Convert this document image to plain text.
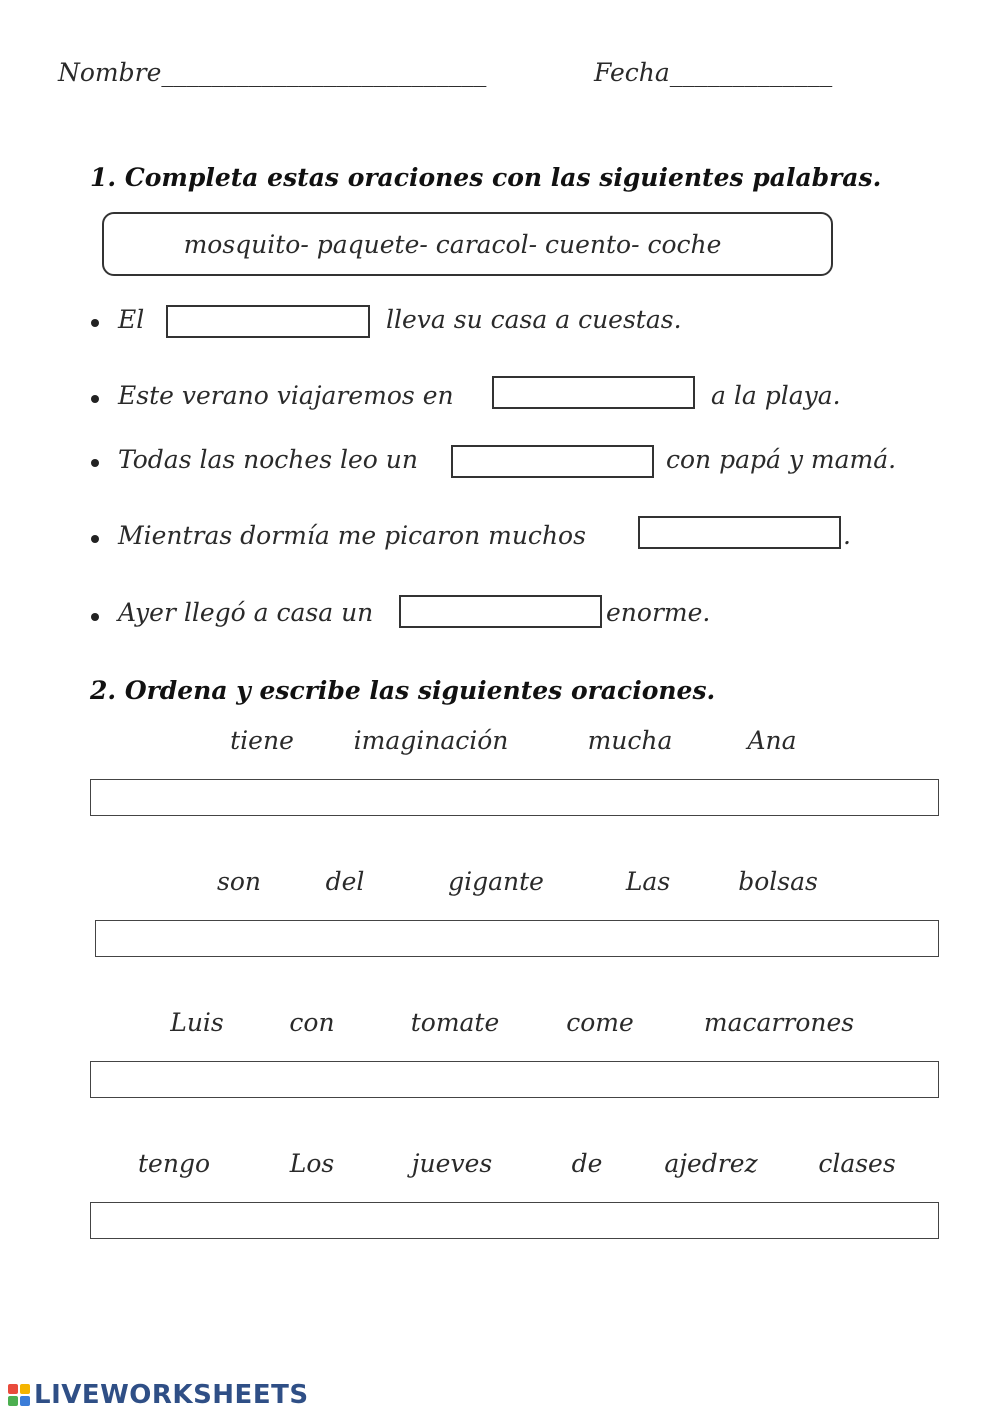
Nombre__________________________	Fecha_____________
1. Completa estas oraciones con las siguientes palabras.
mosquito- paquete- caracol- cuento- coche
El	lleva su casa a cuestas.
Este verano viajaremos en	a la playa.
Todas las noches leo un	con papá y mamá.
Mientras dormía me picaron muchos	.
Ayer llegó a casa un	enorme.
2. Ordena y escribe las siguientes oraciones.
tiene imaginación	mucha	Ana
son	del	gigante	Las	bolsas
Luis	con	tomate	come	macarrones
tengo	Los	jueves	de ajedrez clases
LIVEWORKSHEETS
